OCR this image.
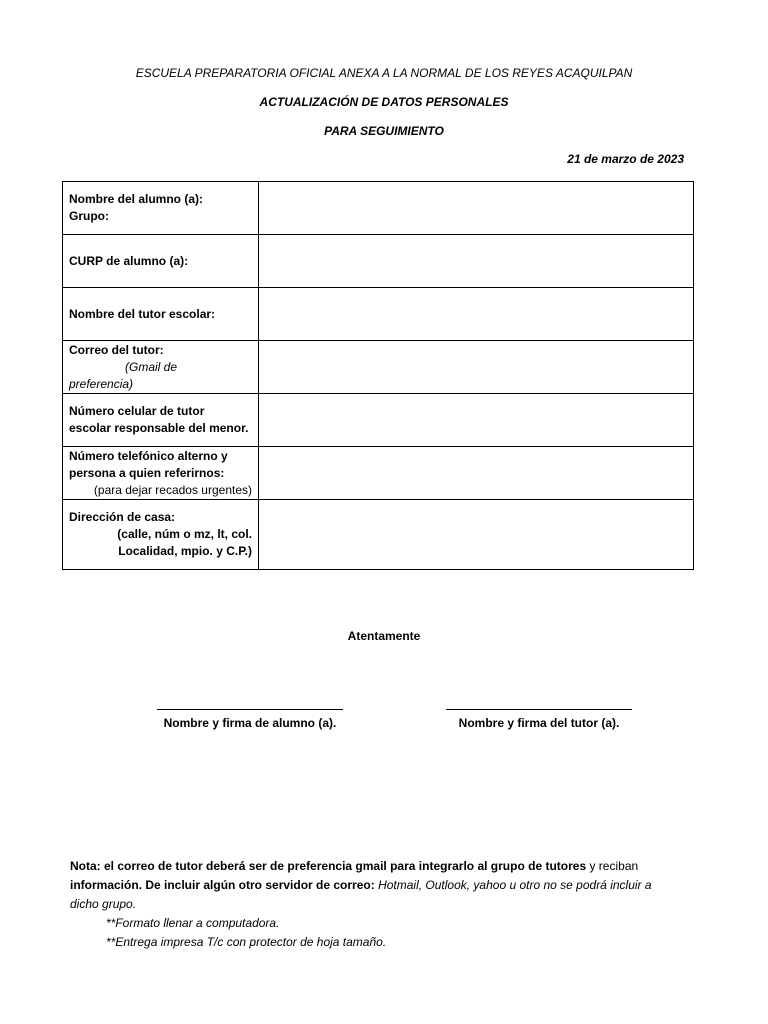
ESCUELA PREPARATORIA OFICIAL ANEXA A LA NORMAL DE LOS REYES ACAQUILPAN
ACTUALIZACIÓN DE DATOS PERSONALES
PARA SEGUIMIENTO
21 de marzo de 2023
Nombre del alumno (a):
Grupo:	

CURP de alumno (a):	
Nombre del tutor escolar:	

Correo del tutor:
(Gmail de
preferencia)	

Número celular de tutor
escolar responsable del menor.	

Número telefónico alterno y
persona a quien referirnos:
(para dejar recados urgentes)	

Dirección de casa:
(calle, núm o mz, lt, col.
Localidad, mpio. y C.P.)	

Atentamente
Nombre y firma de alumno (a).	Nombre y firma del tutor (a).
Nota: el correo de tutor deberá ser de preferencia gmail para integrarlo al grupo de tutores y reciban
información. De incluir algún otro servidor de correo: Hotmail, Outlook, yahoo u otro no se podrá incluir a
dicho grupo.
**Formato llenar a computadora.
**Entrega impresa T/c con protector de hoja tamaño.
